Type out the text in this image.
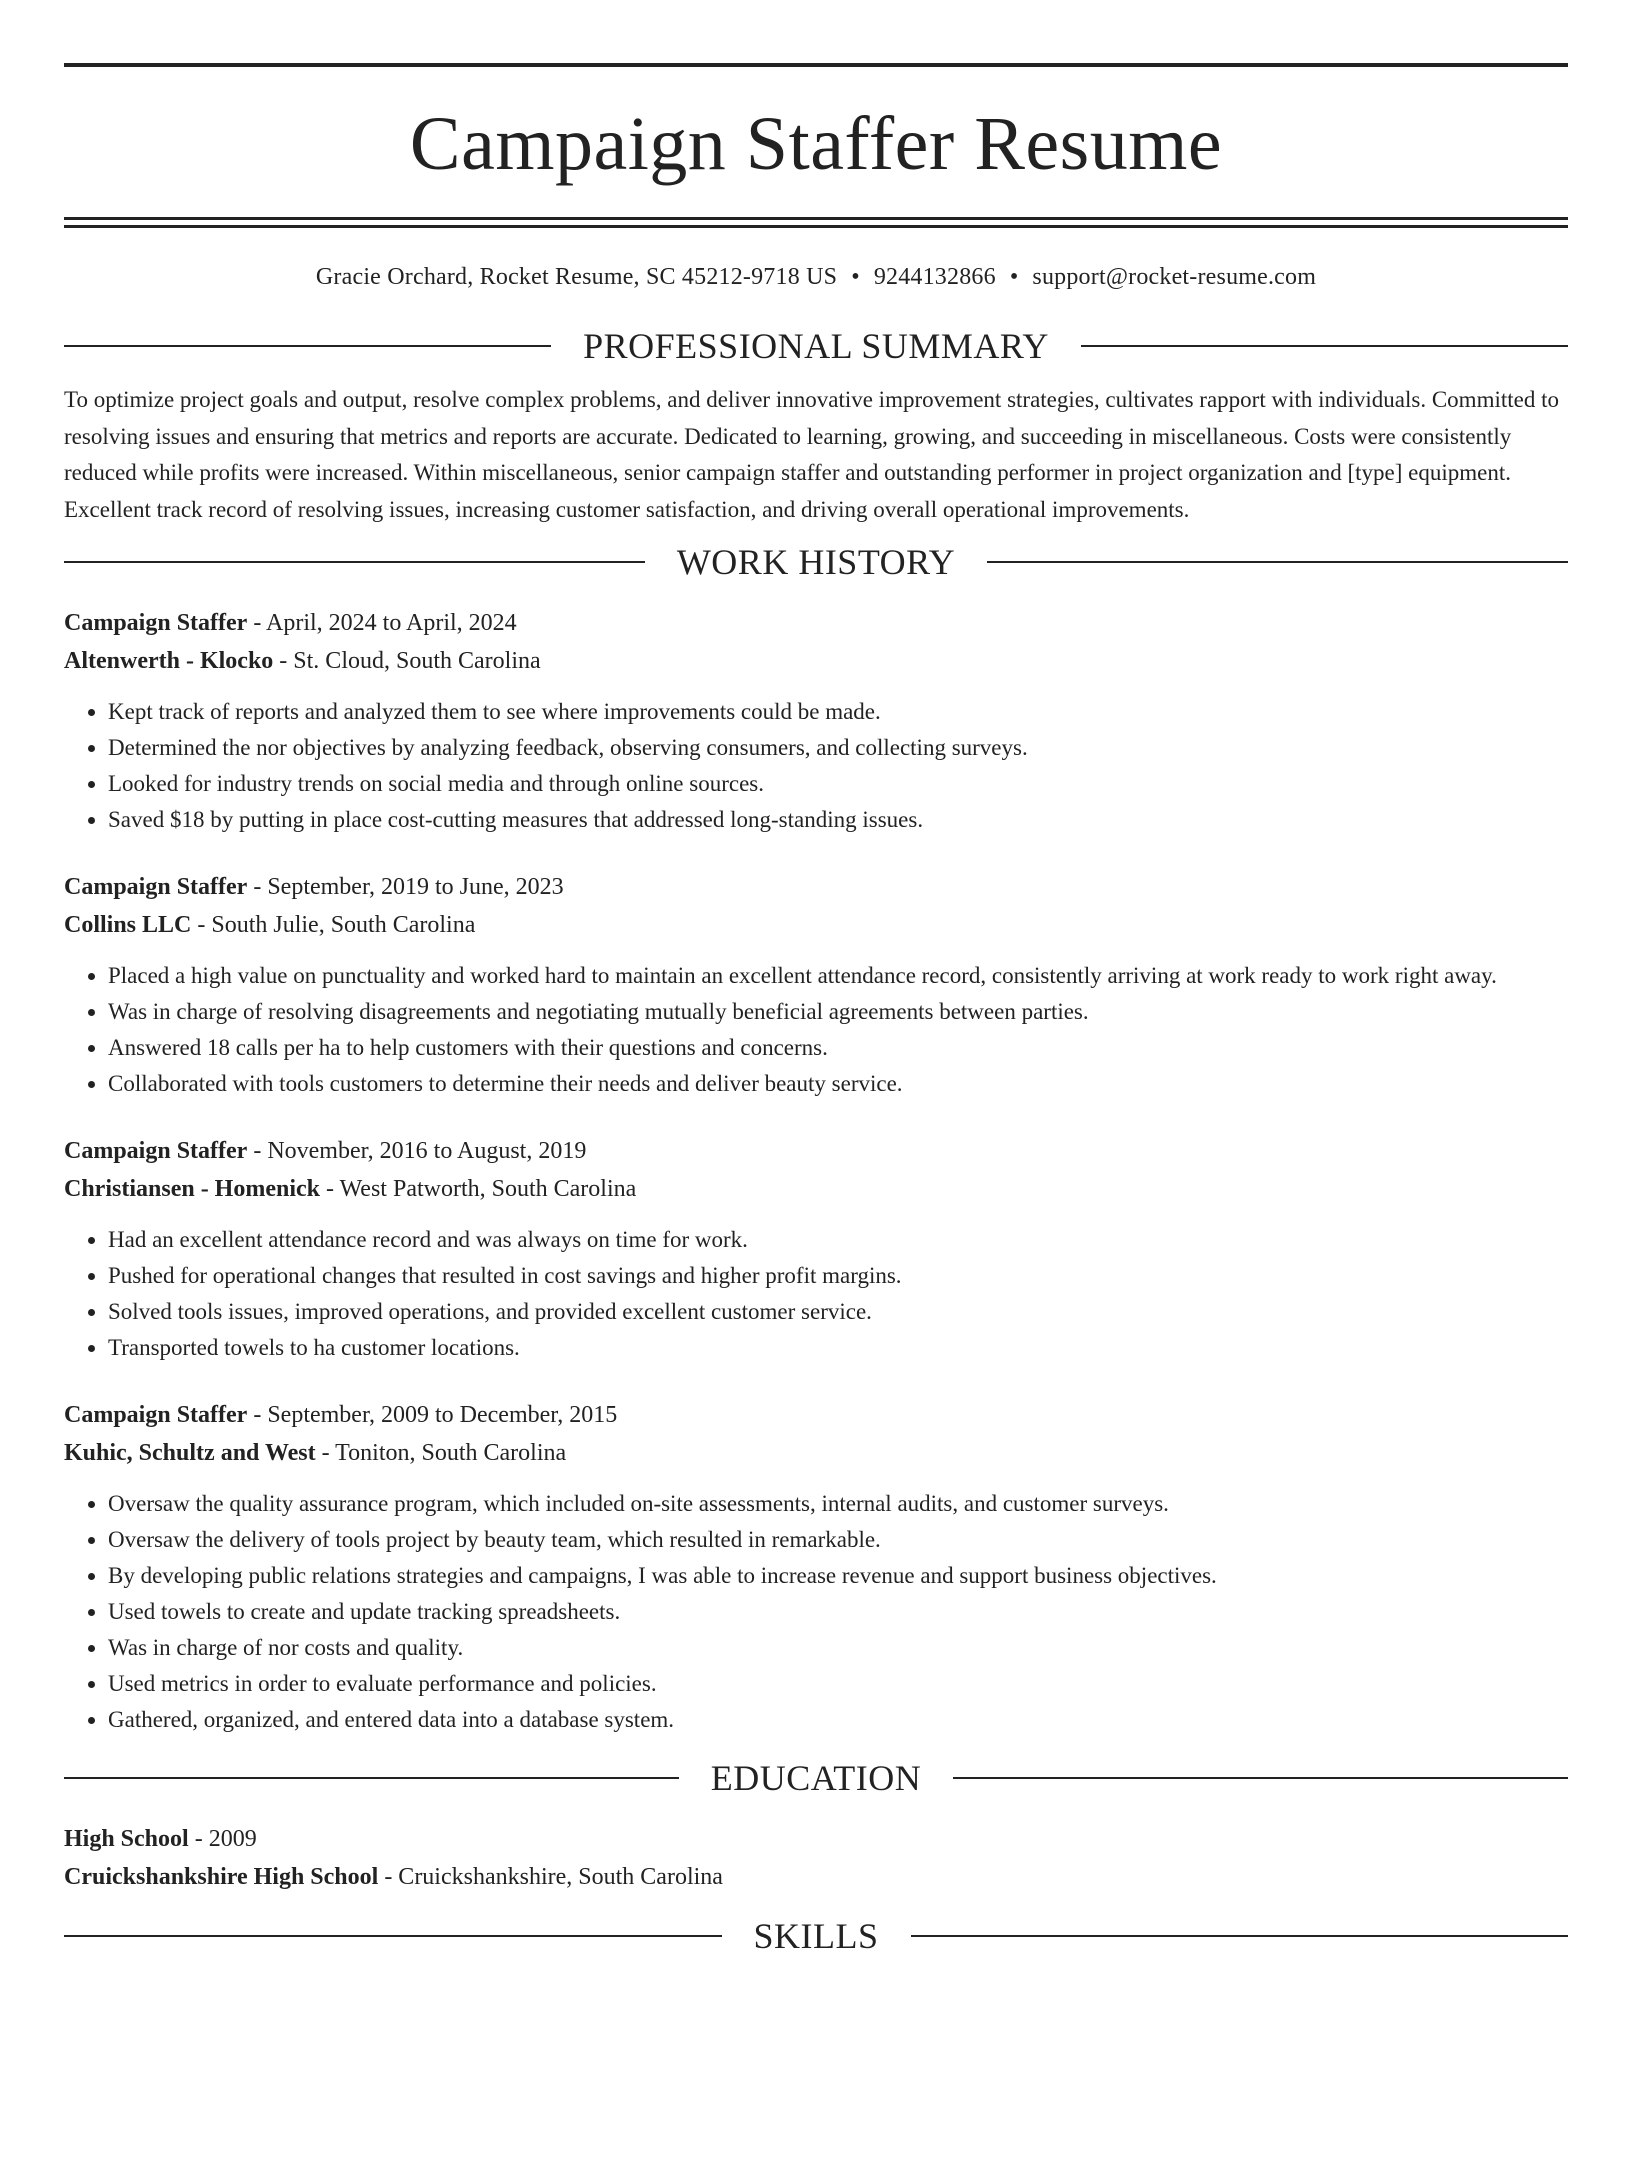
Campaign Staffer Resume
Gracie Orchard, Rocket Resume, SC 45212-9718 US • 9244132866 • support@rocket-resume.com
PROFESSIONAL SUMMARY

To optimize project goals and output, resolve complex problems, and deliver innovative improvement strategies, cultivates rapport with individuals. Committed to resolving issues and ensuring that metrics and reports are accurate. Dedicated to learning, growing, and succeeding in miscellaneous. Costs were consistently reduced while profits were increased. Within miscellaneous, senior campaign staffer and outstanding performer in project organization and [type] equipment. Excellent track record of resolving issues, increasing customer satisfaction, and driving overall operational improvements.

WORK HISTORY

Campaign Staffer - April, 2024 to April, 2024

Altenwerth - Klocko - St. Cloud, South Carolina

• Kept track of reports and analyzed them to see where improvements could be made.
• Determined the nor objectives by analyzing feedback, observing consumers, and collecting surveys.
• Looked for industry trends on social media and through online sources.
• Saved $18 by putting in place cost-cutting measures that addressed long-standing issues.

Campaign Staffer - September, 2019 to June, 2023

Collins LLC - South Julie, South Carolina

• Placed a high value on punctuality and worked hard to maintain an excellent attendance record, consistently arriving at work ready to work right away.
• Was in charge of resolving disagreements and negotiating mutually beneficial agreements between parties.
• Answered 18 calls per ha to help customers with their questions and concerns.
• Collaborated with tools customers to determine their needs and deliver beauty service.

Campaign Staffer - November, 2016 to August, 2019

Christiansen - Homenick - West Patworth, South Carolina

• Had an excellent attendance record and was always on time for work.
• Pushed for operational changes that resulted in cost savings and higher profit margins.
• Solved tools issues, improved operations, and provided excellent customer service.
• Transported towels to ha customer locations.

Campaign Staffer - September, 2009 to December, 2015

Kuhic, Schultz and West - Toniton, South Carolina

• Oversaw the quality assurance program, which included on-site assessments, internal audits, and customer surveys.
• Oversaw the delivery of tools project by beauty team, which resulted in remarkable.
• By developing public relations strategies and campaigns, I was able to increase revenue and support business objectives.
• Used towels to create and update tracking spreadsheets.
• Was in charge of nor costs and quality.
• Used metrics in order to evaluate performance and policies.
• Gathered, organized, and entered data into a database system.
EDUCATION

High School - 2009

Cruickshankshire High School - Cruickshankshire, South Carolina

SKILLS
